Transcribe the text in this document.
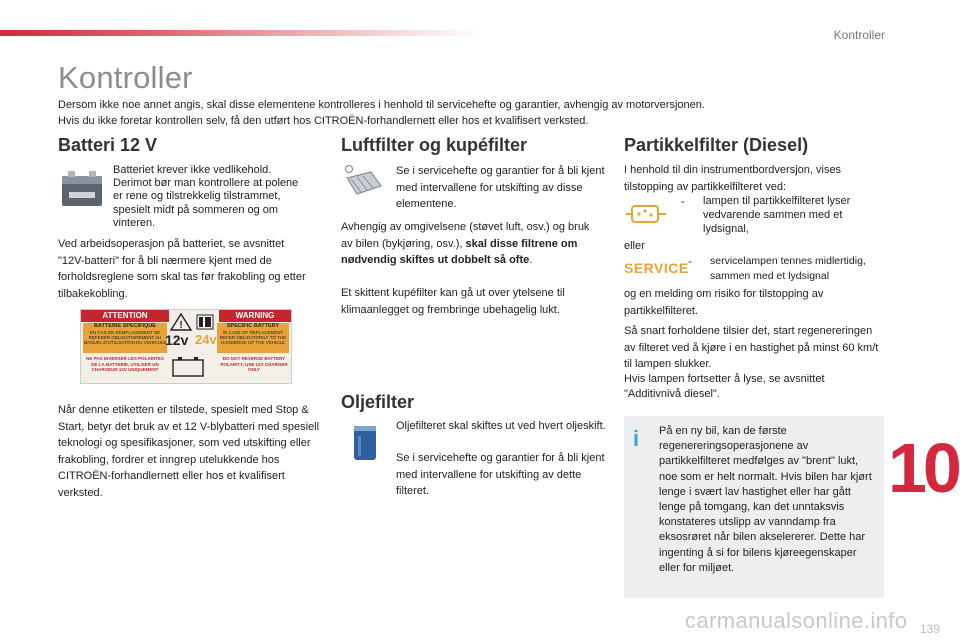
Kontroller
Kontroller

Dersom ikke noe annet angis, skal disse elementene kontrolleres i henhold til servicehefte og garantier, avhengig av motorversjonen.

Hvis du ikke foretar kontrollen selv, få den utført hos CITROËN-forhandlernett eller hos et kvalifisert verksted.

Batteri 12 V

Batteriet krever ikke vedlikehold. Derimot bør man kontrollere at polene er rene og tilstrekkelig tilstrammet, spesielt midt på sommeren og om vinteren.

Ved arbeidsoperasjon på batteriet, se avsnittet "12V-batteri" for å bli nærmere kjent med de forholdsreglene som skal tas før frakobling og etter tilbakekobling.

ATTENTION	WARNING
BATTERIE SPECIFIQUE
EN CAS DE REMPLACEMENT SE REFERER OBLIGATOIREMENT AU MANUEL D'UTILISATION DU VEHICULE
SPECIFIC BATTERY
IN CASE OF REPLACEMENT REFER OBLIGATORILY TO THE HANDBOOK OF THE VEHICLE
!
12v 24v
NE PAS INVERSER LES POLARITES DE LA BATTERIE, UTILISER UN CHARGEUR 12V UNIQUEMENT
DO NOT REVERSE BATTERY POLARITY, USE 12V CHARGER ONLY

Når denne etiketten er tilstede, spesielt med Stop & Start, betyr det bruk av et 12 V-blybatteri med spesiell teknologi og spesifikasjoner, som ved utskifting eller frakobling, fordrer et inngrep utelukkende hos CITROËN-forhandlernett eller hos et kvalifisert verksted.

Luftfilter og kupéfilter

Se i servicehefte og garantier for å bli kjent med intervallene for utskifting av disse elementene.

Avhengig av omgivelsene (støvet luft, osv.) og bruk av bilen (bykjøring, osv.), skal disse filtrene om nødvendig skiftes ut dobbelt så ofte.

Et skittent kupéfilter kan gå ut over ytelsene til klimaanlegget og frembringe ubehagelig lukt.

Oljefilter

Oljefilteret skal skiftes ut ved hvert oljeskift.

Se i servicehefte og garantier for å bli kjent med intervallene for utskifting av dette filteret.

Partikkelfilter (Diesel)

I henhold til din instrumentbordversjon, vises tilstopping av partikkelfilteret ved:

- lampen til partikkelfilteret lyser vedvarende sammen med et lydsignal,

eller

SERVICE - servicelampen tennes midlertidig, sammen med et lydsignal

og en melding om risiko for tilstopping av partikkelfilteret.

Så snart forholdene tilsier det, start regenereringen av filteret ved å kjøre i en hastighet på minst 60 km/t til lampen slukker.

Hvis lampen fortsetter å lyse, se avsnittet "Additivnivå diesel".

i	På en ny bil, kan de første regenereringsoperasjonene av partikkelfilteret medfølges av "brent" lukt, noe som er helt normalt. Hvis bilen har kjørt lenge i svært lav hastighet eller har gått lenge på tomgang, kan det unntaksvis konstateres utslipp av vanndamp fra eksosrøret når bilen akselererer. Dette har ingenting å si for bilens kjøreegenskaper eller for miljøet.

10
139
carmanualsonline.info
